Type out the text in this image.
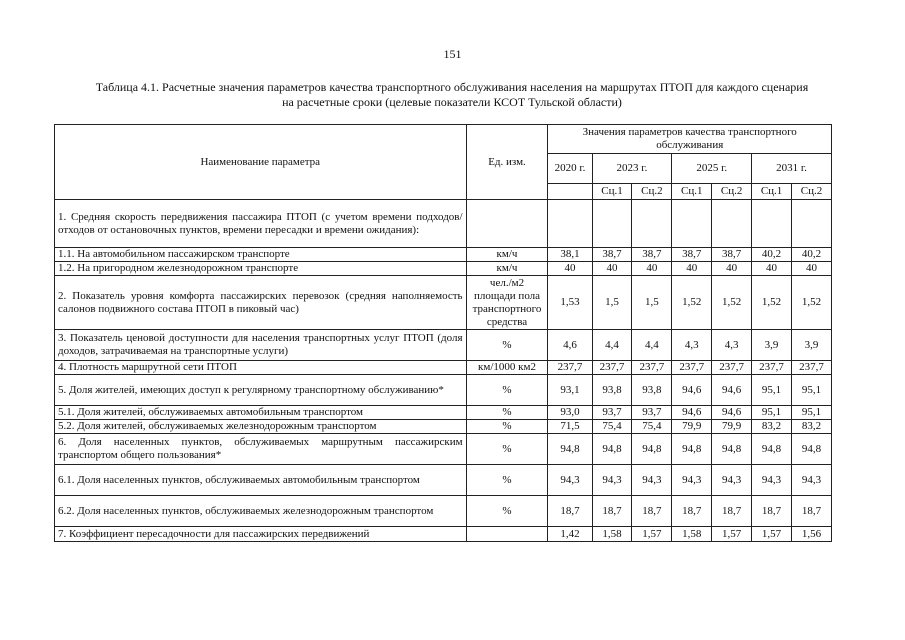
151
Таблица 4.1. Расчетные значения параметров качества транспортного обслуживания населения на маршрутах ПТОП для каждого сценария
на расчетные сроки (целевые показатели КСОТ Тульской области)
Наименование параметра	Ед. изм.	Значения параметров качества транспортного обслуживания						
		2020 г.	2023 г.		2025 г.		2031 г.	
			Сц.1	Сц.2	Сц.1	Сц.2	Сц.1	Сц.2
1. Средняя скорость передвижения пассажира ПТОП (с учетом времени подходов/отходов от остановочных пунктов, времени пересадки и времени ожидания):								
1.1. На автомобильном пассажирском транспорте	км/ч	38,1	38,7	38,7	38,7	38,7	40,2	40,2
1.2. На пригородном железнодорожном транспорте	км/ч	40	40	40	40	40	40	40
2. Показатель уровня комфорта пассажирских перевозок (средняя наполняемость салонов подвижного состава ПТОП в пиковый час)	чел./м2 площади пола транспортного средства	1,53	1,5	1,5	1,52	1,52	1,52	1,52
3. Показатель ценовой доступности для населения транспортных услуг ПТОП (доля доходов, затрачиваемая на транспортные услуги)	%	4,6	4,4	4,4	4,3	4,3	3,9	3,9
4. Плотность маршрутной сети ПТОП	км/1000 км2	237,7	237,7	237,7	237,7	237,7	237,7	237,7
5. Доля жителей, имеющих доступ к регулярному транспортному обслуживанию*	%	93,1	93,8	93,8	94,6	94,6	95,1	95,1
5.1. Доля жителей, обслуживаемых автомобильным транспортом	%	93,0	93,7	93,7	94,6	94,6	95,1	95,1
5.2. Доля жителей, обслуживаемых железнодорожным транспортом	%	71,5	75,4	75,4	79,9	79,9	83,2	83,2
6. Доля населенных пунктов, обслуживаемых маршрутным пассажирским транспортом общего пользования*	%	94,8	94,8	94,8	94,8	94,8	94,8	94,8
6.1. Доля населенных пунктов, обслуживаемых автомобильным транспортом	%	94,3	94,3	94,3	94,3	94,3	94,3	94,3
6.2. Доля населенных пунктов, обслуживаемых железнодорожным транспортом	%	18,7	18,7	18,7	18,7	18,7	18,7	18,7
7. Коэффициент пересадочности для пассажирских передвижений		1,42	1,58	1,57	1,58	1,57	1,57	1,56
